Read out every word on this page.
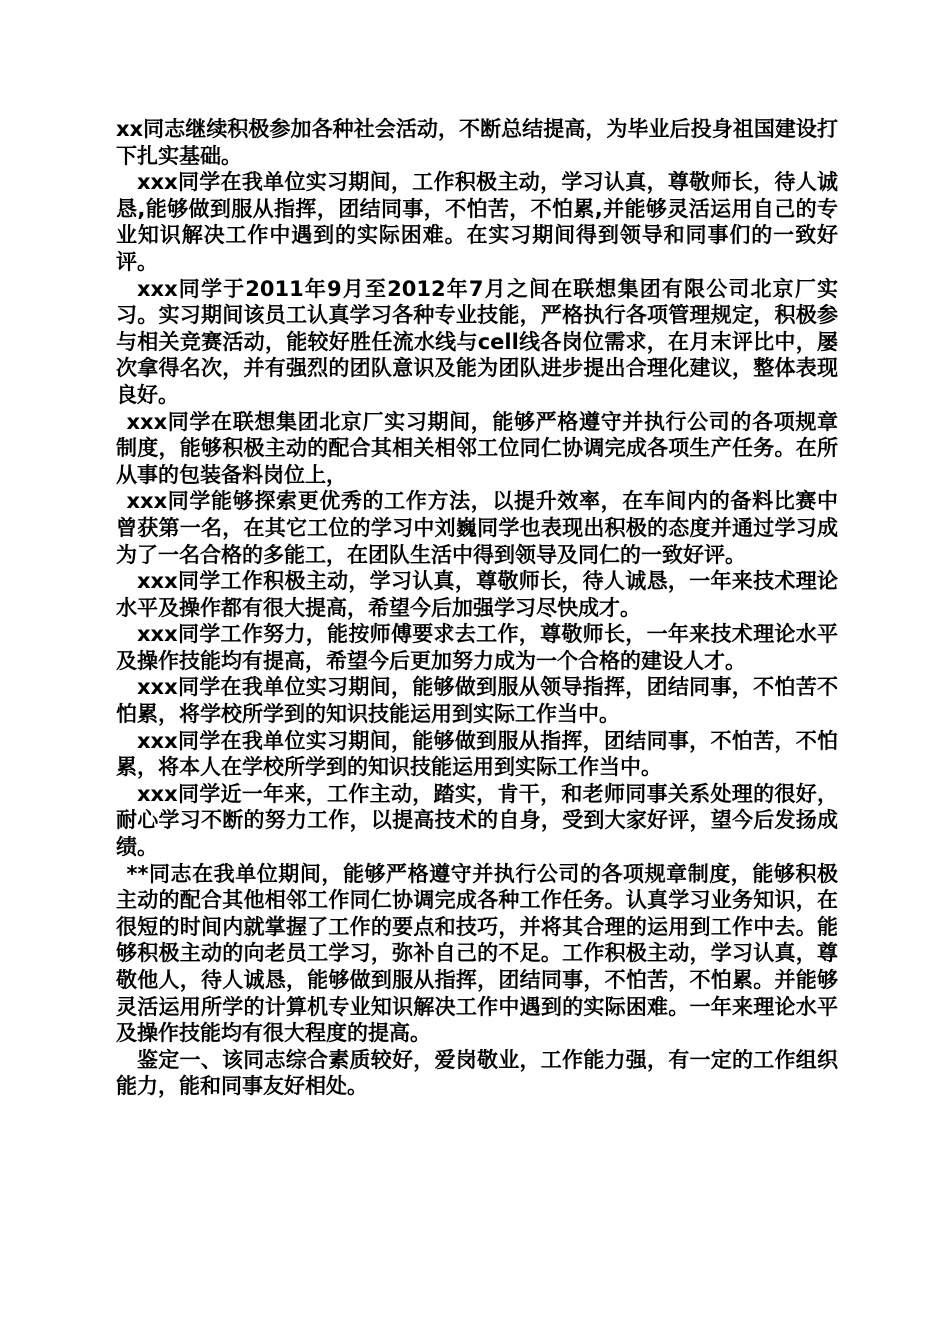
xx同志继续积极参加各种社会活动，不断总结提高，为毕业后投身祖国建设打下扎实基础。

xxx同学在我单位实习期间，工作积极主动，学习认真，尊敬师长，待人诚恳,能够做到服从指挥，团结同事，不怕苦，不怕累,并能够灵活运用自己的专业知识解决工作中遇到的实际困难。在实习期间得到领导和同事们的一致好评。

xxx同学于2011年9月至2012年7月之间在联想集团有限公司北京厂实习。实习期间该员工认真学习各种专业技能，严格执行各项管理规定，积极参与相关竞赛活动，能较好胜任流水线与cell线各岗位需求，在月末评比中，屡次拿得名次，并有强烈的团队意识及能为团队进步提出合理化建议，整体表现良好。

xxx同学在联想集团北京厂实习期间，能够严格遵守并执行公司的各项规章制度，能够积极主动的配合其相关相邻工位同仁协调完成各项生产任务。在所从事的包装备料岗位上，

xxx同学能够探索更优秀的工作方法，以提升效率，在车间内的备料比赛中曾获第一名，在其它工位的学习中刘巍同学也表现出积极的态度并通过学习成为了一名合格的多能工，在团队生活中得到领导及同仁的一致好评。

xxx同学工作积极主动，学习认真，尊敬师长，待人诚恳，一年来技术理论水平及操作都有很大提高，希望今后加强学习尽快成才。

xxx同学工作努力，能按师傅要求去工作，尊敬师长，一年来技术理论水平及操作技能均有提高，希望今后更加努力成为一个合格的建设人才。

xxx同学在我单位实习期间，能够做到服从领导指挥，团结同事，不怕苦不怕累，将学校所学到的知识技能运用到实际工作当中。

xxx同学在我单位实习期间，能够做到服从指挥，团结同事，不怕苦，不怕累，将本人在学校所学到的知识技能运用到实际工作当中。

xxx同学近一年来，工作主动，踏实，肯干，和老师同事关系处理的很好，耐心学习不断的努力工作，以提高技术的自身，受到大家好评，望今后发扬成绩。

**同志在我单位期间，能够严格遵守并执行公司的各项规章制度，能够积极主动的配合其他相邻工作同仁协调完成各种工作任务。认真学习业务知识，在很短的时间内就掌握了工作的要点和技巧，并将其合理的运用到工作中去。能够积极主动的向老员工学习，弥补自己的不足。工作积极主动，学习认真，尊敬他人，待人诚恳，能够做到服从指挥，团结同事，不怕苦，不怕累。并能够灵活运用所学的计算机专业知识解决工作中遇到的实际困难。一年来理论水平及操作技能均有很大程度的提高。

鉴定一、该同志综合素质较好，爱岗敬业，工作能力强，有一定的工作组织能力，能和同事友好相处。
